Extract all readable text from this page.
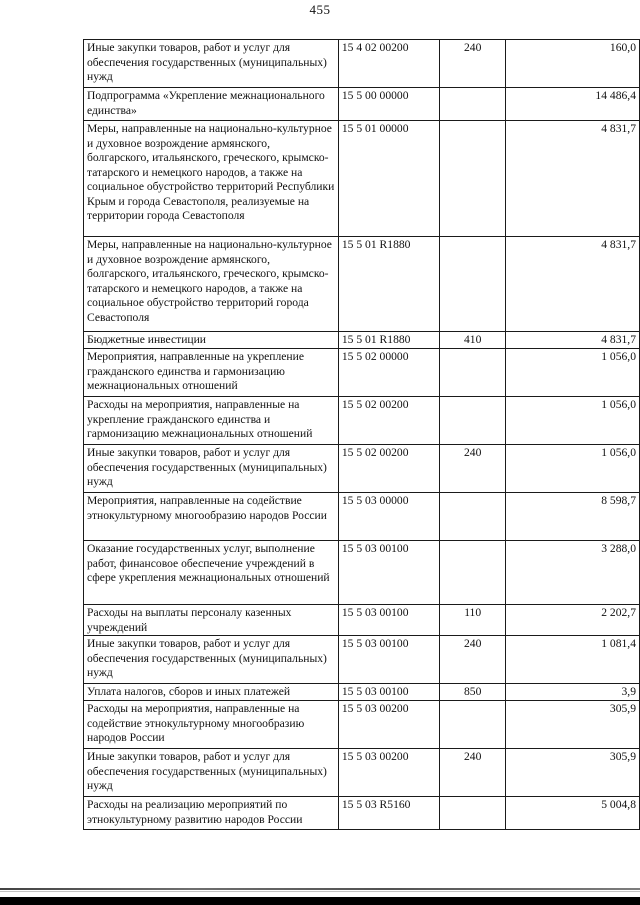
455
Иные закупки товаров, работ и услуг для обеспечения государственных (муниципальных) нужд	15 4 02 00200	240	160,0
Подпрограмма «Укрепление межнационального единства»	15 5 00 00000		14 486,4
Меры, направленные на национально-культурное и духовное возрождение армянского, болгарского, итальянского, греческого, крымско-татарского и немецкого народов, а также на социальное обустройство территорий Республики Крым и города Севастополя, реализуемые на территории города Севастополя	15 5 01 00000		4 831,7
Меры, направленные на национально-культурное и духовное возрождение армянского, болгарского, итальянского, греческого, крымско-татарского и немецкого народов, а также на социальное обустройство территорий города Севастополя	15 5 01 R1880		4 831,7
Бюджетные инвестиции	15 5 01 R1880	410	4 831,7
Мероприятия, направленные на укрепление гражданского единства и гармонизацию межнациональных отношений	15 5 02 00000		1 056,0
Расходы на мероприятия, направленные на укрепление гражданского единства и гармонизацию межнациональных отношений	15 5 02 00200		1 056,0
Иные закупки товаров, работ и услуг для обеспечения государственных (муниципальных) нужд	15 5 02 00200	240	1 056,0
Мероприятия, направленные на содействие этнокультурному многообразию народов России	15 5 03 00000		8 598,7
Оказание государственных услуг, выполнение работ, финансовое обеспечение учреждений в сфере укрепления межнациональных отношений	15 5 03 00100		3 288,0
Расходы на выплаты персоналу казенных учреждений	15 5 03 00100	110	2 202,7
Иные закупки товаров, работ и услуг для обеспечения государственных (муниципальных) нужд	15 5 03 00100	240	1 081,4
Уплата налогов, сборов и иных платежей	15 5 03 00100	850	3,9
Расходы на мероприятия, направленные на содействие этнокультурному многообразию народов России	15 5 03 00200		305,9
Иные закупки товаров, работ и услуг для обеспечения государственных (муниципальных) нужд	15 5 03 00200	240	305,9
Расходы на реализацию мероприятий по этнокультурному развитию народов России	15 5 03 R5160		5 004,8
